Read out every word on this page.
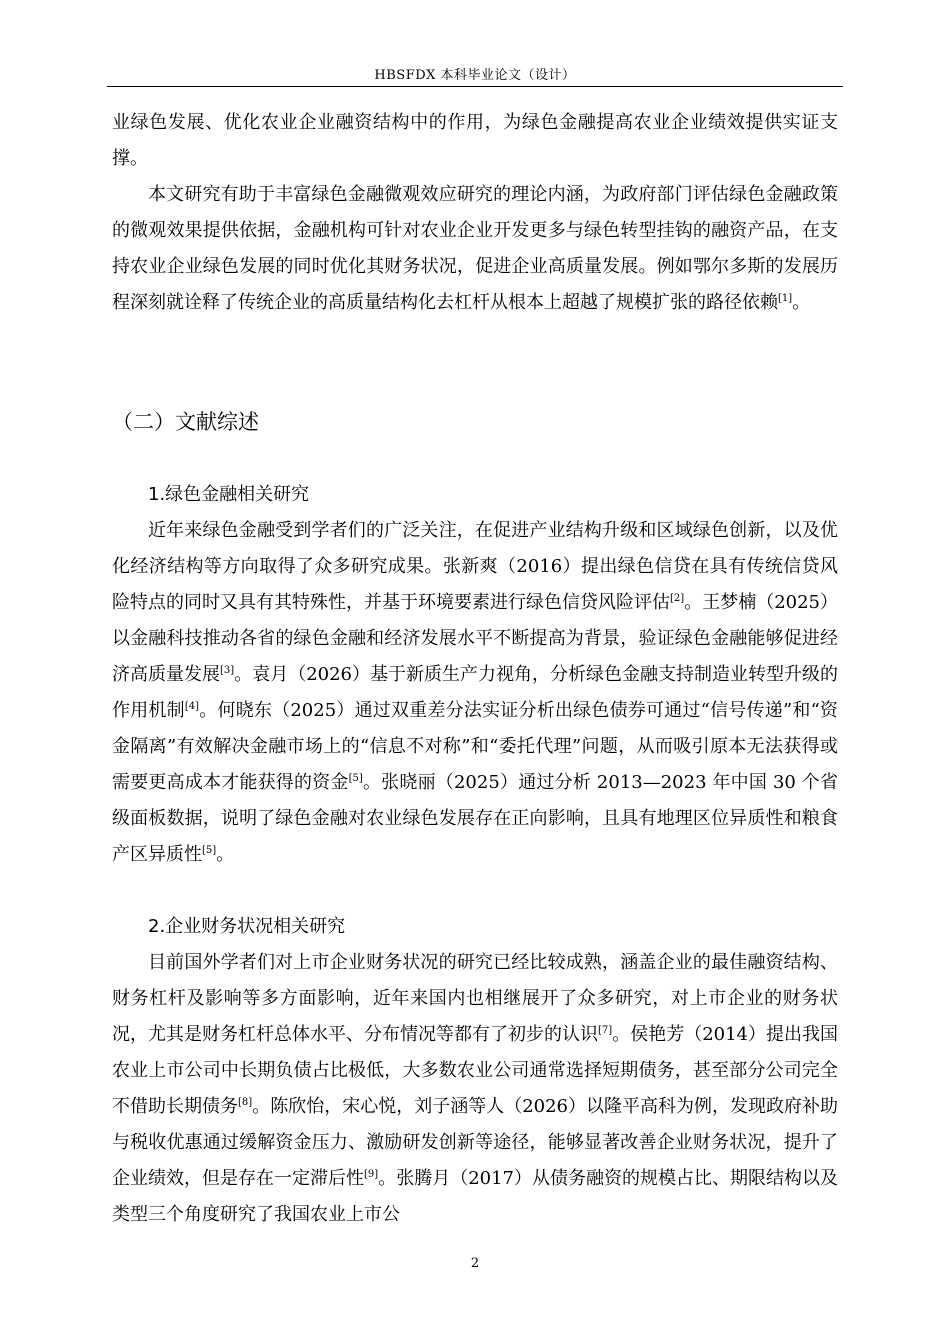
HBSFDX 本科毕业论文（设计）

业绿色发展、优化农业企业融资结构中的作用，为绿色金融提高农业企业绩效提供实证支撑。

本文研究有助于丰富绿色金融微观效应研究的理论内涵，为政府部门评估绿色金融政策的微观效果提供依据，金融机构可针对农业企业开发更多与绿色转型挂钩的融资产品，在支持农业企业绿色发展的同时优化其财务状况，促进企业高质量发展。例如鄂尔多斯的发展历程深刻就诠释了传统企业的高质量结构化去杠杆从根本上超越了规模扩张的路径依赖[1]。

（二）文献综述
1.绿色金融相关研究

近年来绿色金融受到学者们的广泛关注，在促进产业结构升级和区域绿色创新，以及优化经济结构等方向取得了众多研究成果。张新爽（2016）提出绿色信贷在具有传统信贷风险特点的同时又具有其特殊性，并基于环境要素进行绿色信贷风险评估[2]。王梦楠（2025）以金融科技推动各省的绿色金融和经济发展水平不断提高为背景，验证绿色金融能够促进经济高质量发展[3]。袁月（2026）基于新质生产力视角，分析绿色金融支持制造业转型升级的作用机制[4]。何晓东（2025）通过双重差分法实证分析出绿色债券可通过“信号传递”和“资金隔离”有效解决金融市场上的“信息不对称”和“委托代理”问题，从而吸引原本无法获得或需要更高成本才能获得的资金[5]。张晓丽（2025）通过分析 2013—2023 年中国 30 个省级面板数据，说明了绿色金融对农业绿色发展存在正向影响，且具有地理区位异质性和粮食产区异质性[5]。

2.企业财务状况相关研究

目前国外学者们对上市企业财务状况的研究已经比较成熟，涵盖企业的最佳融资结构、财务杠杆及影响等多方面影响，近年来国内也相继展开了众多研究，对上市企业的财务状况，尤其是财务杠杆总体水平、分布情况等都有了初步的认识[7]。侯艳芳（2014）提出我国农业上市公司中长期负债占比极低，大多数农业公司通常选择短期债务，甚至部分公司完全不借助长期债务[8]。陈欣怡，宋心悦，刘子涵等人（2026）以隆平高科为例，发现政府补助与税收优惠通过缓解资金压力、激励研发创新等途径，能够显著改善企业财务状况，提升了企业绩效，但是存在一定滞后性[9]。张腾月（2017）从债务融资的规模占比、期限结构以及类型三个角度研究了我国农业上市公

2
